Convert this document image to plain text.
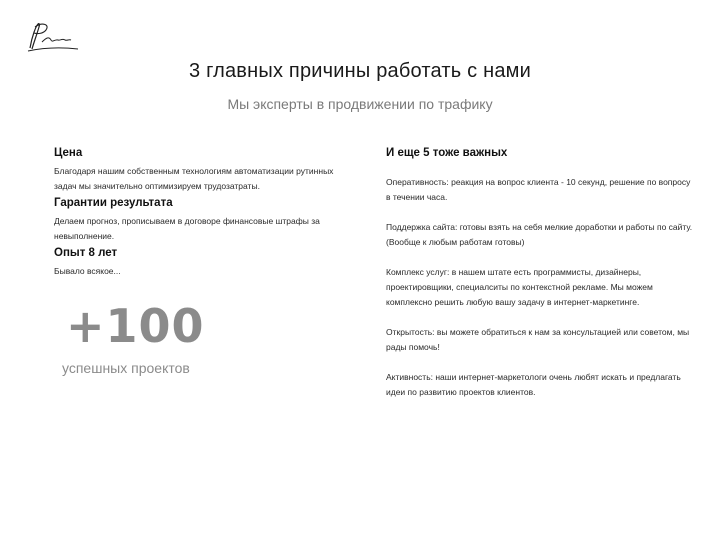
3 главных причины работать с нами
Мы эксперты в продвижении по трафику
Цена
Благодаря нашим собственным технологиям автоматизации рутинных задач мы значительно оптимизируем трудозатраты.
Гарантии результата
Делаем прогноз, прописываем в договоре финансовые штрафы за невыполнение.
Опыт 8 лет
Бывало всякое...
+100
успешных проектов
И еще 5 тоже важных
Оперативность: реакция на вопрос клиента - 10 секунд, решение по вопросу в течении часа.
Поддержка сайта: готовы взять на себя мелкие доработки и работы по сайту. (Вообще к любым работам готовы)
Комплекс услуг: в нашем штате есть программисты, дизайнеры, проектировщики, специалситы по контекстной рекламе. Мы можем комплексно решить любую вашу задачу в интернет-маркетинге.
Открытость: вы можете обратиться к нам за консультацией или советом, мы рады помочь!
Активность: наши интернет-маркетологи очень любят искать и предлагать идеи по развитию проектов клиентов.
